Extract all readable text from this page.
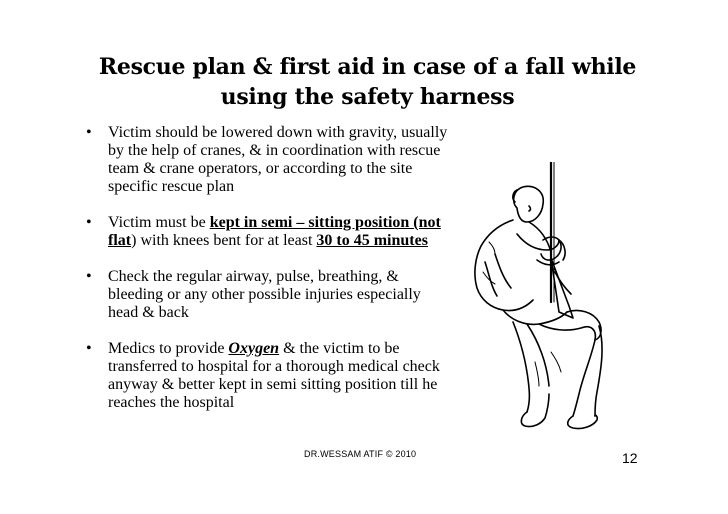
Rescue plan & first aid in case of a fall while
using the safety harness
• Victim should be lowered down with gravity, usually by the help of cranes, & in coordination with rescue team & crane operators, or according to the site specific rescue plan
• Victim must be kept in semi – sitting position (not flat) with knees bent for at least 30 to 45 minutes
• Check the regular airway, pulse, breathing, & bleeding or any other possible injuries especially head & back
• Medics to provide Oxygen & the victim to be transferred to hospital for a thorough medical check anyway & better kept in semi sitting position till he reaches the hospital
DR.WESSAM ATIF © 2010	12
